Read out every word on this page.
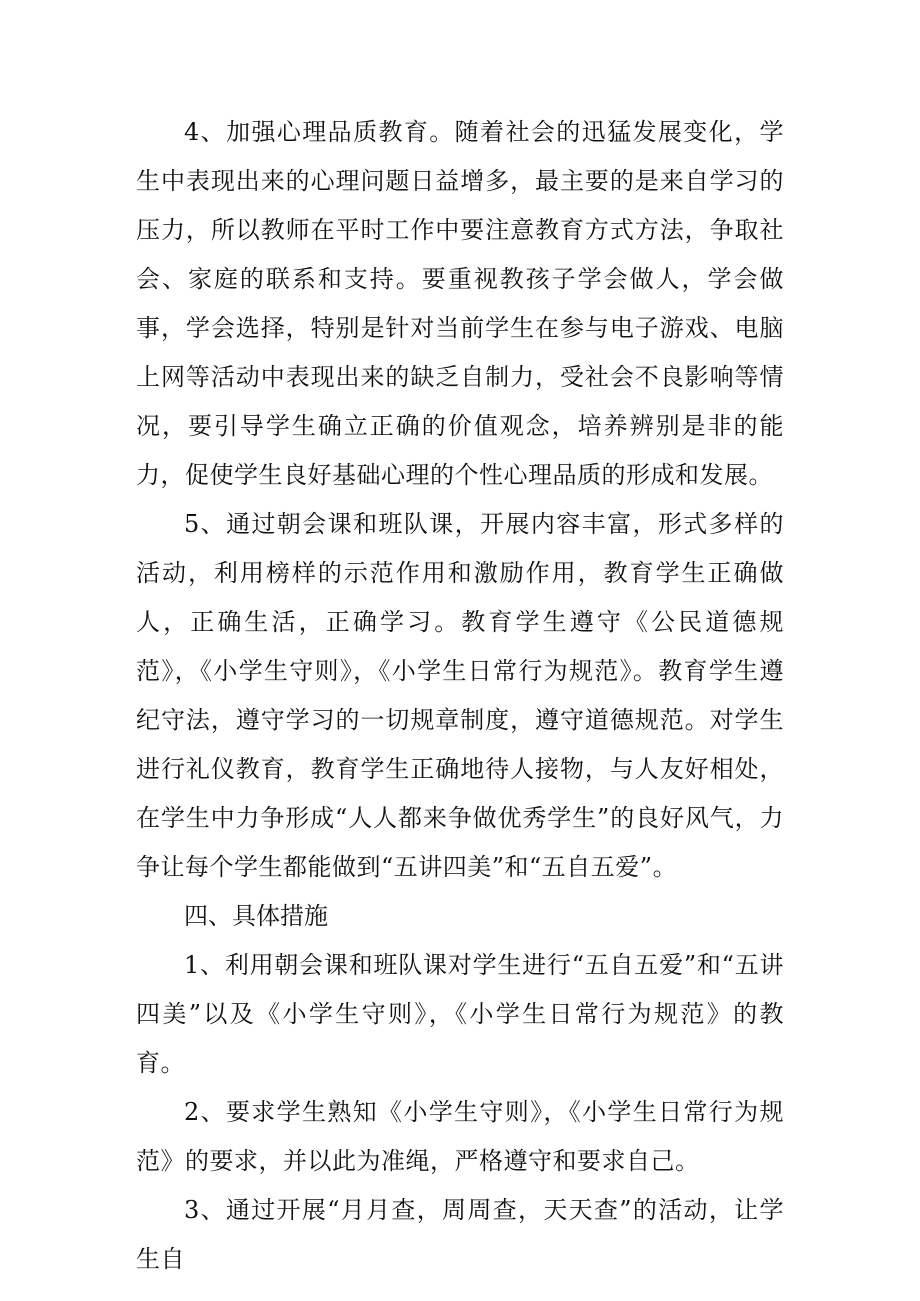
4、加强心理品质教育。随着社会的迅猛发展变化，学生中表现出来的心理问题日益增多，最主要的是来自学习的压力，所以教师在平时工作中要注意教育方式方法，争取社会、家庭的联系和支持。要重视教孩子学会做人，学会做事，学会选择，特别是针对当前学生在参与电子游戏、电脑上网等活动中表现出来的缺乏自制力，受社会不良影响等情况，要引导学生确立正确的价值观念，培养辨别是非的能力，促使学生良好基础心理的个性心理品质的形成和发展。

5、通过朝会课和班队课，开展内容丰富，形式多样的活动，利用榜样的示范作用和激励作用，教育学生正确做人，正确生活，正确学习。教育学生遵守《公民道德规范》，《小学生守则》，《小学生日常行为规范》。教育学生遵纪守法，遵守学习的一切规章制度，遵守道德规范。对学生进行礼仪教育，教育学生正确地待人接物，与人友好相处，在学生中力争形成“人人都来争做优秀学生”的良好风气，力争让每个学生都能做到“五讲四美”和“五自五爱”。

四、具体措施

1、利用朝会课和班队课对学生进行“五自五爱”和“五讲四美”以及《小学生守则》，《小学生日常行为规范》的教育。

2、要求学生熟知《小学生守则》，《小学生日常行为规范》的要求，并以此为准绳，严格遵守和要求自己。

3、通过开展“月月查，周周查，天天查”的活动，让学生自
